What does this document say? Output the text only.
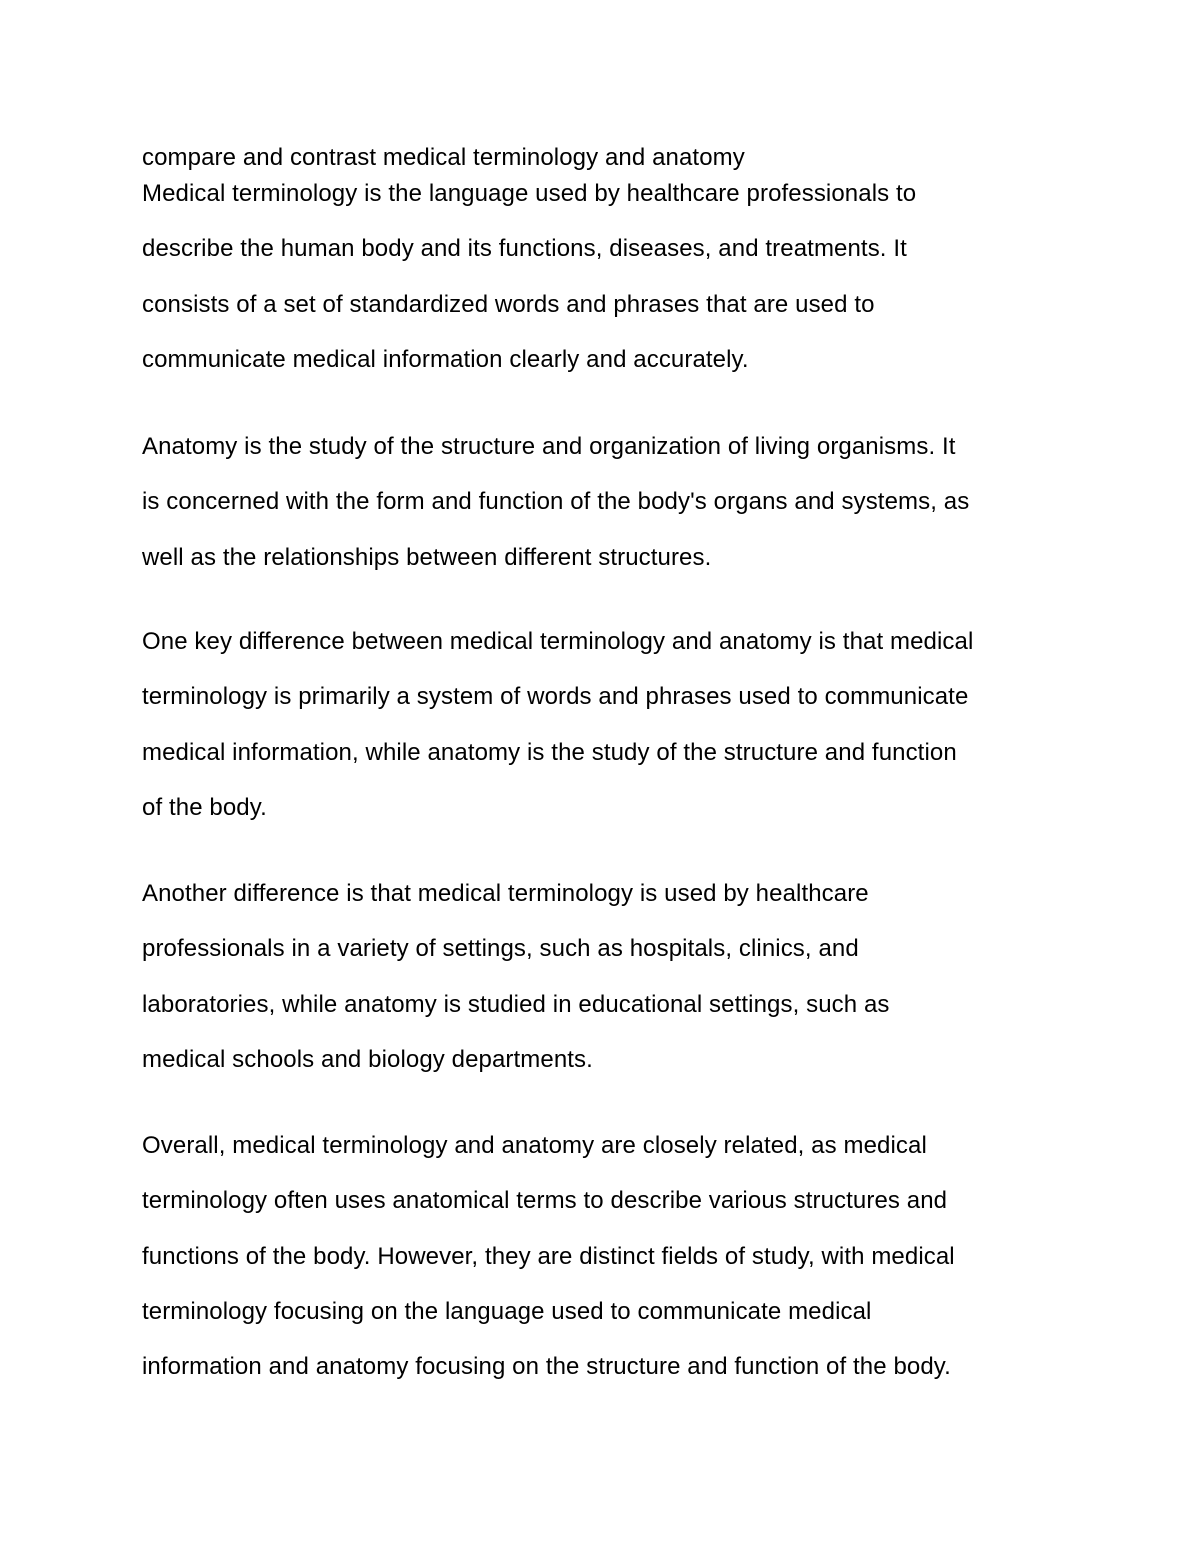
compare and contrast medical terminology and anatomy
Medical terminology is the language used by healthcare professionals to
describe the human body and its functions, diseases, and treatments. It
consists of a set of standardized words and phrases that are used to
communicate medical information clearly and accurately.
Anatomy is the study of the structure and organization of living organisms. It
is concerned with the form and function of the body's organs and systems, as
well as the relationships between different structures.
One key difference between medical terminology and anatomy is that medical
terminology is primarily a system of words and phrases used to communicate
medical information, while anatomy is the study of the structure and function
of the body.
Another difference is that medical terminology is used by healthcare
professionals in a variety of settings, such as hospitals, clinics, and
laboratories, while anatomy is studied in educational settings, such as
medical schools and biology departments.
Overall, medical terminology and anatomy are closely related, as medical
terminology often uses anatomical terms to describe various structures and
functions of the body. However, they are distinct fields of study, with medical
terminology focusing on the language used to communicate medical
information and anatomy focusing on the structure and function of the body.
